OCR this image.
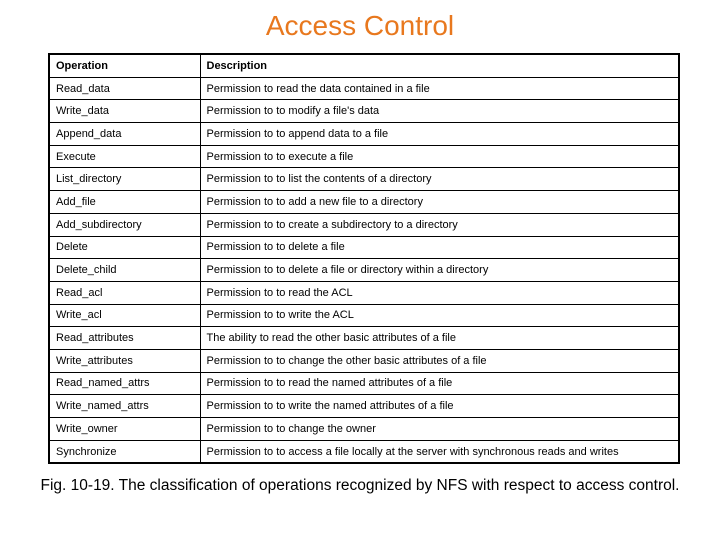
Access Control
Operation	Description
Read_data	Permission to read the data contained in a file
Write_data	Permission to to modify a file's data
Append_data	Permission to to append data to a file
Execute	Permission to to execute a file
List_directory	Permission to to list the contents of a directory
Add_file	Permission to to add a new file to a directory
Add_subdirectory	Permission to to create a subdirectory to a directory
Delete	Permission to to delete a file
Delete_child	Permission to to delete a file or directory within a directory
Read_acl	Permission to to read the ACL
Write_acl	Permission to to write the ACL
Read_attributes	The ability to read the other basic attributes of a file
Write_attributes	Permission to to change the other basic attributes of a file
Read_named_attrs	Permission to to read the named attributes of a file
Write_named_attrs	Permission to to write the named attributes of a file
Write_owner	Permission to to change the owner
Synchronize	Permission to to access a file locally at the server with synchronous reads and writes
Fig. 10-19. The classification of operations recognized by NFS with respect to access control.
